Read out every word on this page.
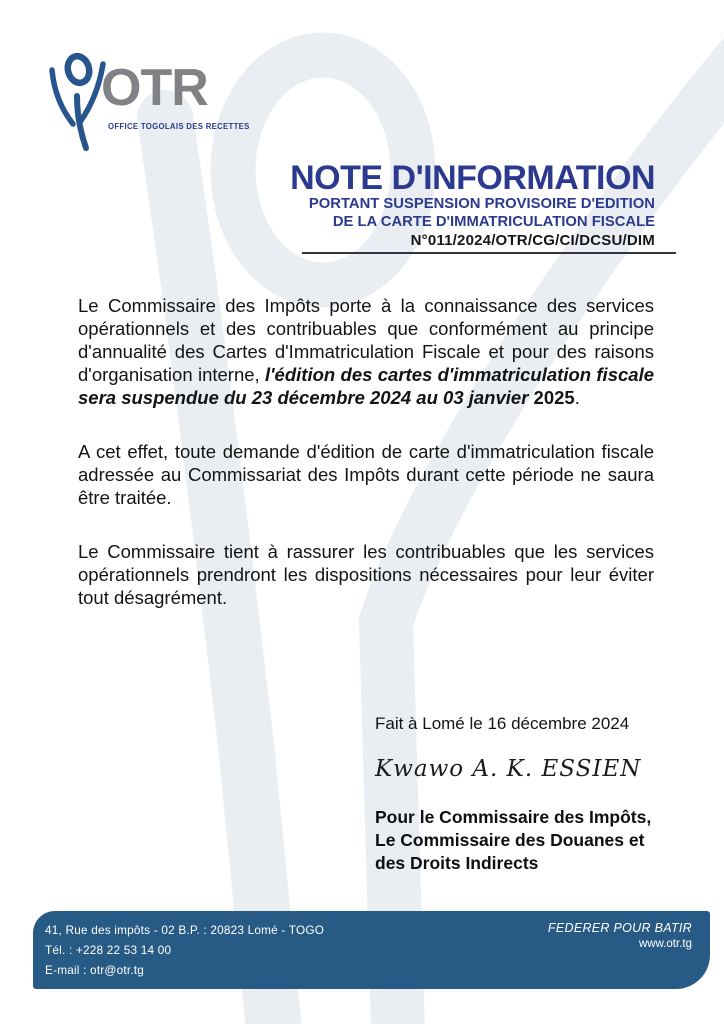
OTR
OFFICE TOGOLAIS DES RECETTES
NOTE D'INFORMATION
PORTANT SUSPENSION PROVISOIRE D'EDITION
DE LA CARTE D'IMMATRICULATION FISCALE
N°011/2024/OTR/CG/CI/DCSU/DIM

Le Commissaire des Impôts porte à la connaissance des services opérationnels et des contribuables que conformément au principe d'annualité des Cartes d'Immatriculation Fiscale et pour des raisons d'organisation interne, l'édition des cartes d'immatriculation fiscale sera suspendue du 23 décembre 2024 au 03 janvier 2025.

A cet effet, toute demande d'édition de carte d'immatriculation fiscale adressée au Commissariat des Impôts durant cette période ne saura être traitée.

Le Commissaire tient à rassurer les contribuables que les services opérationnels prendront les dispositions nécessaires pour leur éviter tout désagrément.

Fait à Lomé le 16 décembre 2024
Kwawo A. K. ESSIEN
Pour le Commissaire des Impôts,
Le Commissaire des Douanes et
des Droits Indirects
41, Rue des impôts - 02 B.P. : 20823 Lomé - TOGO
Tél. : +228 22 53 14 00
E-mail : otr@otr.tg
FEDERER POUR BATIR
www.otr.tg
